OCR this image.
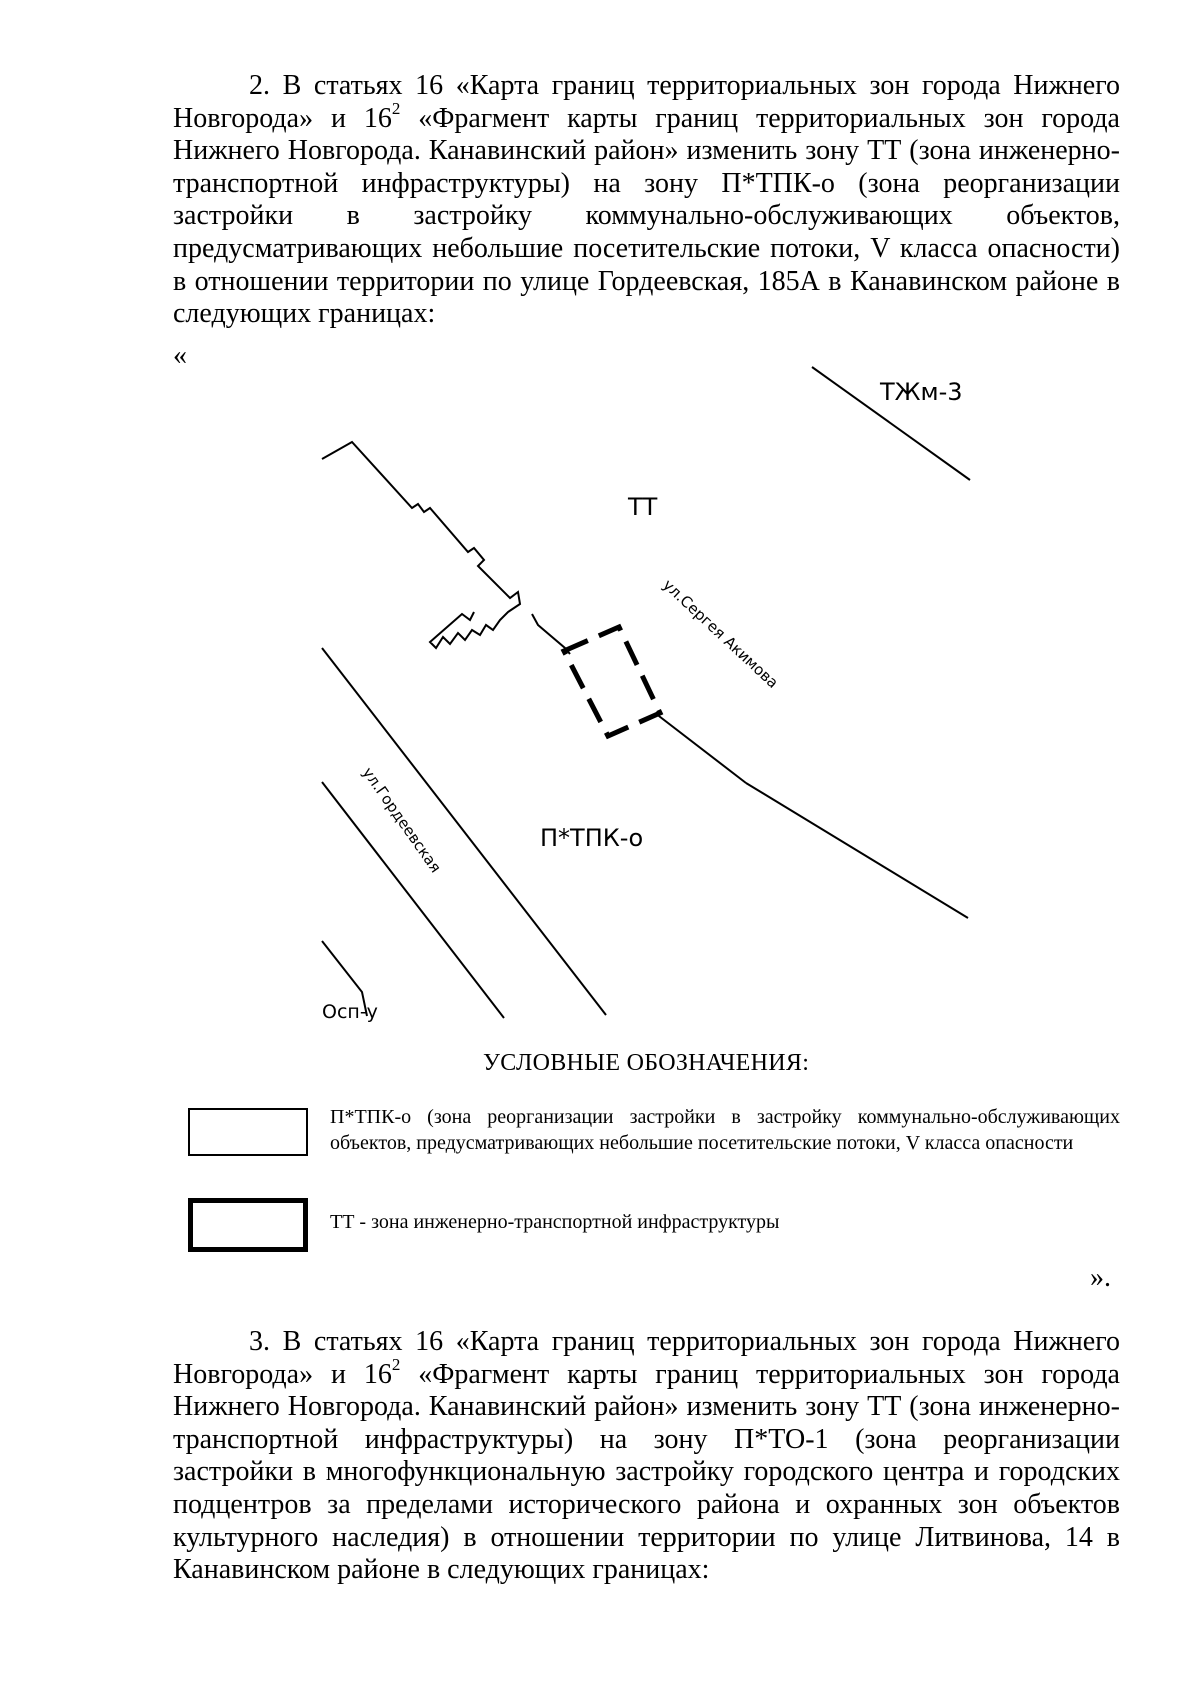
2. В статьях 16 «Карта границ территориальных зон города Нижнего Новгорода» и $16^2$ «Фрагмент карты границ территориальных зон города Нижнего Новгорода. Канавинский район» изменить зону ТТ (зона инженерно-транспортной инфраструктуры) на зону П*ТПК-о (зона реорганизации застройки в застройку коммунально-обслуживающих объектов, предусматривающих небольшие посетительские потоки, V класса опасности) в отношении территории по улице Гордеевская, 185А в Канавинском районе в следующих границах:
«
ТЖм-3
ТТ
П*ТПК-о
Осп-у
ул.Сергея Акимова
ул.Гордеевская
УСЛОВНЫЕ ОБОЗНАЧЕНИЯ:
П*ТПК-о (зона реорганизации застройки в застройку коммунально-обслуживающих объектов, предусматривающих небольшие посетительские потоки, V класса опасности
ТТ - зона инженерно-транспортной инфраструктуры
».
3. В статьях 16 «Карта границ территориальных зон города Нижнего Новгорода» и $16^2$ «Фрагмент карты границ территориальных зон города Нижнего Новгорода. Канавинский район» изменить зону ТТ (зона инженерно-транспортной инфраструктуры) на зону П*ТО-1 (зона реорганизации застройки в многофункциональную застройку городского центра и городских подцентров за пределами исторического района и охранных зон объектов культурного наследия) в отношении территории по улице Литвинова, 14 в Канавинском районе в следующих границах:
